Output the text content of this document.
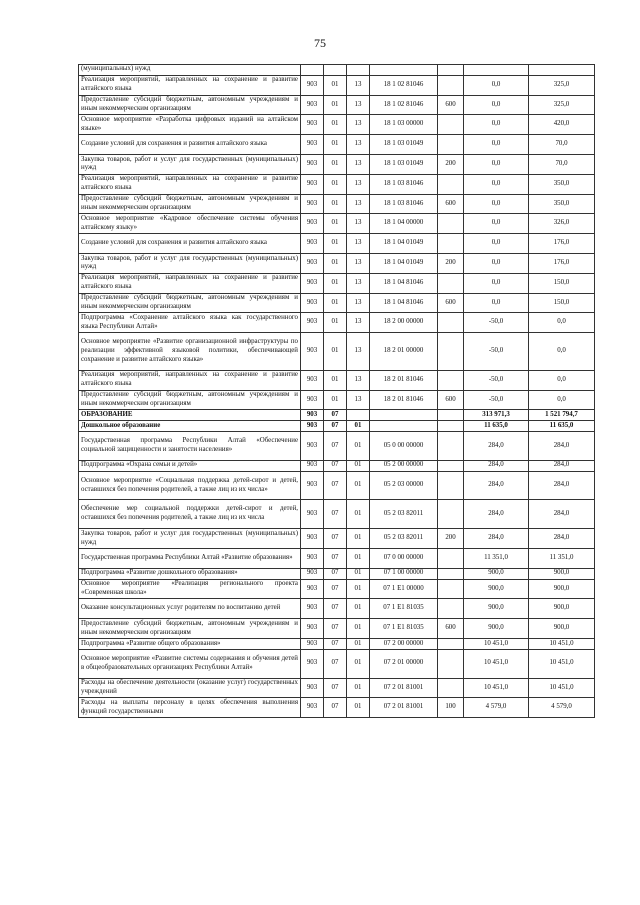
75
(муниципальных) нужд							
Реализация мероприятий, направленных на сохранение и развитие алтайского языка	903	01	13	18 1 02 81046		0,0	325,0
Предоставление субсидий бюджетным, автономным учреждениям и иным некоммерческим организациям	903	01	13	18 1 02 81046	600	0,0	325,0
Основное мероприятие «Разработка цифровых изданий на алтайском языке»	903	01	13	18 1 03 00000		0,0	420,0
Создание условий для сохранения и развития алтайского языка	903	01	13	18 1 03 01049		0,0	70,0
Закупка товаров, работ и услуг для государственных (муниципальных) нужд	903	01	13	18 1 03 01049	200	0,0	70,0
Реализация мероприятий, направленных на сохранение и развитие алтайского языка	903	01	13	18 1 03 81046		0,0	350,0
Предоставление субсидий бюджетным, автономным учреждениям и иным некоммерческим организациям	903	01	13	18 1 03 81046	600	0,0	350,0
Основное мероприятие «Кадровое обеспечение системы обучения алтайскому языку»	903	01	13	18 1 04 00000		0,0	326,0
Создание условий для сохранения и развития алтайского языка	903	01	13	18 1 04 01049		0,0	176,0
Закупка товаров, работ и услуг для государственных (муниципальных) нужд	903	01	13	18 1 04 01049	200	0,0	176,0
Реализация мероприятий, направленных на сохранение и развитие алтайского языка	903	01	13	18 1 04 81046		0,0	150,0
Предоставление субсидий бюджетным, автономным учреждениям и иным некоммерческим организациям	903	01	13	18 1 04 81046	600	0,0	150,0
Подпрограмма «Сохранение алтайского языка как государственного языка Республики Алтай»	903	01	13	18 2 00 00000		-50,0	0,0
Основное мероприятие «Развитие организационной инфраструктуры по реализации эффективной языковой политики, обеспечивающей сохранение и развитие алтайского языка»	903	01	13	18 2 01 00000		-50,0	0,0
Реализация мероприятий, направленных на сохранение и развитие алтайского языка	903	01	13	18 2 01 81046		-50,0	0,0
Предоставление субсидий бюджетным, автономным учреждениям и иным некоммерческим организациям	903	01	13	18 2 01 81046	600	-50,0	0,0
ОБРАЗОВАНИЕ	903	07				313 971,3	1 521 794,7
Дошкольное образование	903	07	01			11 635,0	11 635,0
Государственная программа Республики Алтай «Обеспечение социальной защищенности и занятости населения»	903	07	01	05 0 00 00000		284,0	284,0
Подпрограмма «Охрана семьи и детей»	903	07	01	05 2 00 00000		284,0	284,0
Основное мероприятие «Социальная поддержка детей-сирот и детей, оставшихся без попечения родителей, а также лиц из их числа»	903	07	01	05 2 03 00000		284,0	284,0
Обеспечение мер социальной поддержки детей-сирот и детей, оставшихся без попечения родителей, а также лиц из их числа	903	07	01	05 2 03 82011		284,0	284,0
Закупка товаров, работ и услуг для государственных (муниципальных) нужд	903	07	01	05 2 03 82011	200	284,0	284,0
Государственная программа Республики Алтай «Развитие образования»	903	07	01	07 0 00 00000		11 351,0	11 351,0
Подпрограмма «Развитие дошкольного образования»	903	07	01	07 1 00 00000		900,0	900,0
Основное мероприятие «Реализация регионального проекта «Современная школа»	903	07	01	07 1 E1 00000		900,0	900,0
Оказание консультационных услуг родителям по воспитанию детей	903	07	01	07 1 E1 81035		900,0	900,0
Предоставление субсидий бюджетным, автономным учреждениям и иным некоммерческим организациям	903	07	01	07 1 E1 81035	600	900,0	900,0
Подпрограмма «Развитие общего образования»	903	07	01	07 2 00 00000		10 451,0	10 451,0
Основное мероприятие «Развитие системы содержания и обучения детей в общеобразовательных организациях Республики Алтай»	903	07	01	07 2 01 00000		10 451,0	10 451,0
Расходы на обеспечение деятельности (оказание услуг) государственных учреждений	903	07	01	07 2 01 81001		10 451,0	10 451,0
Расходы на выплаты персоналу в целях обеспечения выполнения функций государственными	903	07	01	07 2 01 81001	100	4 579,0	4 579,0
